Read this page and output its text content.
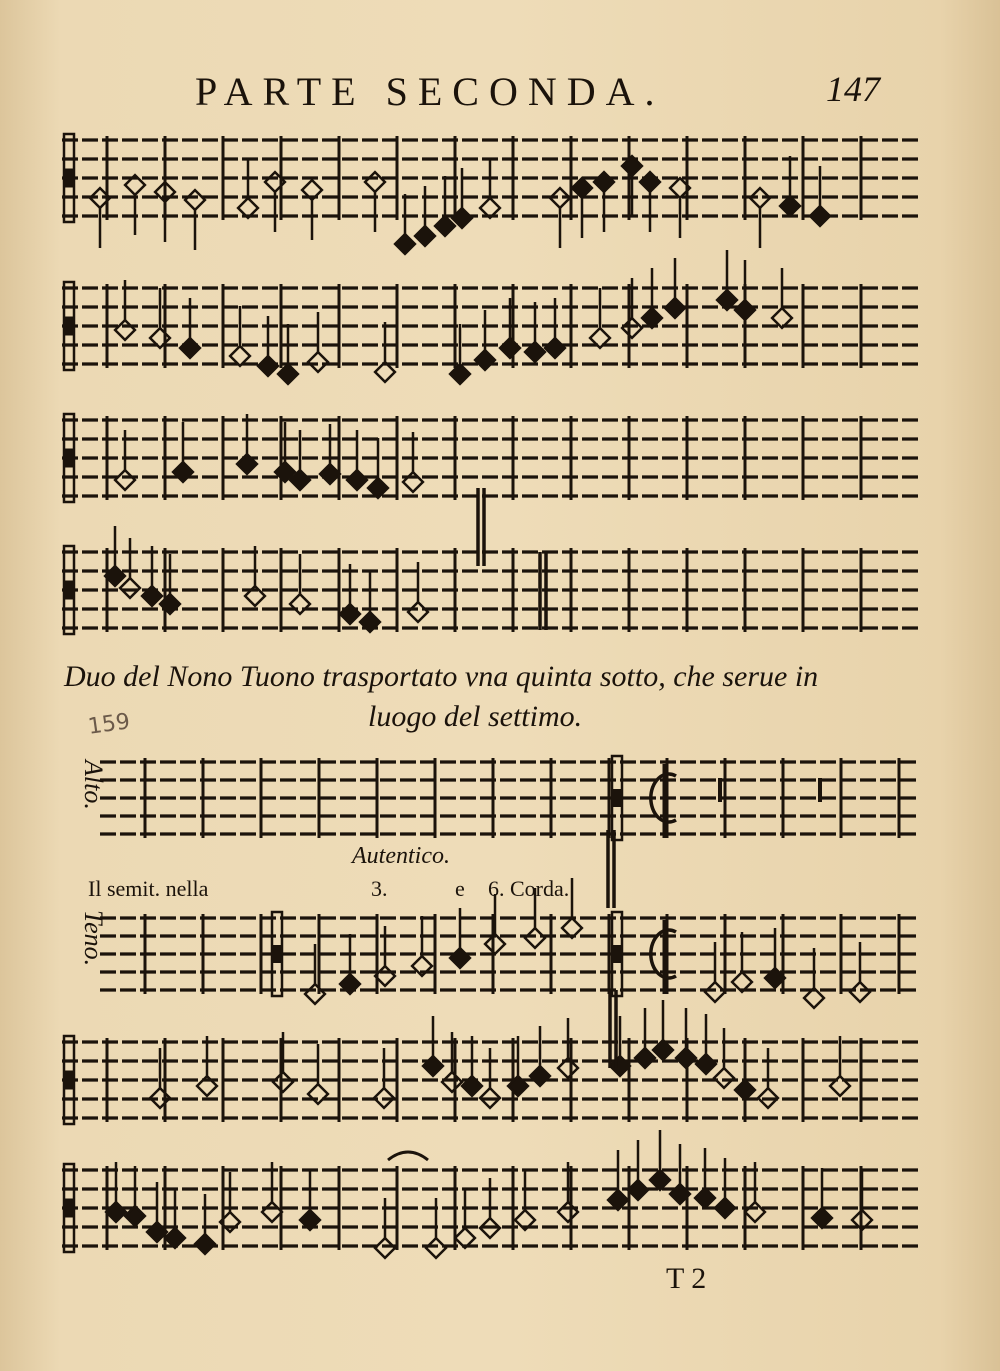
PARTE SECONDA.	147
Duo del Nono Tuono trasportato vna quinta sotto, che serue in
luogo del settimo.
159
Alto.
Autentico.
Il semit. nella	3.	e 6. Corda.
Teno.
T 2
